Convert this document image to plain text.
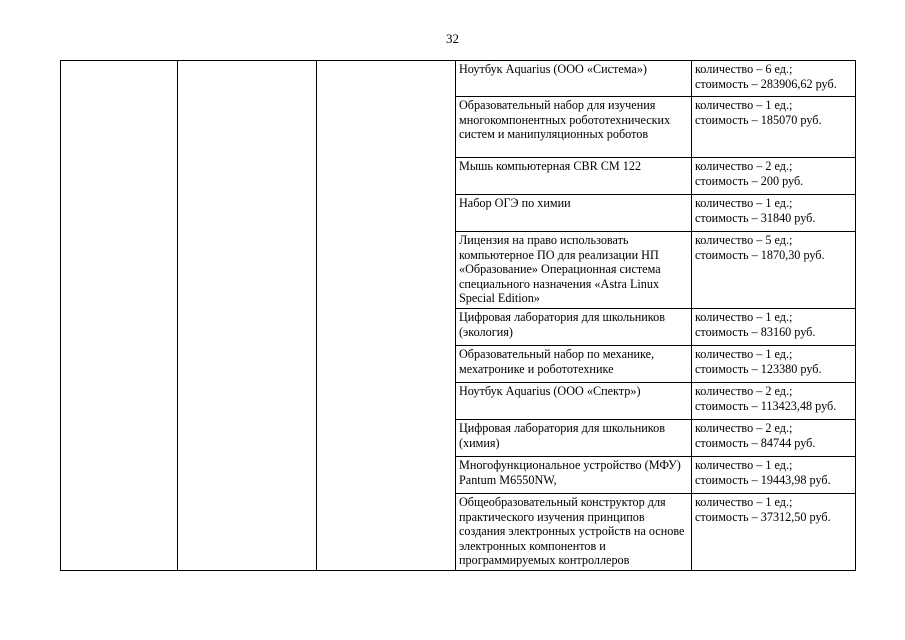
32
			Ноутбук Aquarius (ООО «Система»)	количество – 6 ед.;
стоимость – 283906,62 руб.

			Образовательный набор для изучения многокомпонентных робототехнических систем и манипуляционных роботов	количество – 1 ед.;
стоимость – 185070 руб.

			Мышь компьютерная CBR CM 122	количество – 2 ед.;
стоимость – 200 руб.

			Набор ОГЭ по химии	количество – 1 ед.;
стоимость – 31840 руб.

			Лицензия на право использовать компьютерное ПО для реализации НП «Образование» Операционная система специального назначения «Astra Linux Special Edition»	количество – 5 ед.;
стоимость – 1870,30 руб.

			Цифровая лаборатория для школьников (экология)	количество – 1 ед.;
стоимость – 83160 руб.

			Образовательный набор по механике, мехатронике и робототехнике	количество – 1 ед.;
стоимость – 123380 руб.

			Ноутбук Aquarius (ООО «Спектр»)	количество – 2 ед.;
стоимость – 113423,48 руб.

			Цифровая лаборатория для школьников (химия)	количество – 2 ед.;
стоимость – 84744 руб.

			Многофункциональное устройство (МФУ) Pantum M6550NW,	количество – 1 ед.;
стоимость – 19443,98 руб.

			Общеобразовательный конструктор для практического изучения принципов создания электронных устройств на основе электронных компонентов и программируемых контроллеров	количество – 1 ед.;
стоимость – 37312,50 руб.
